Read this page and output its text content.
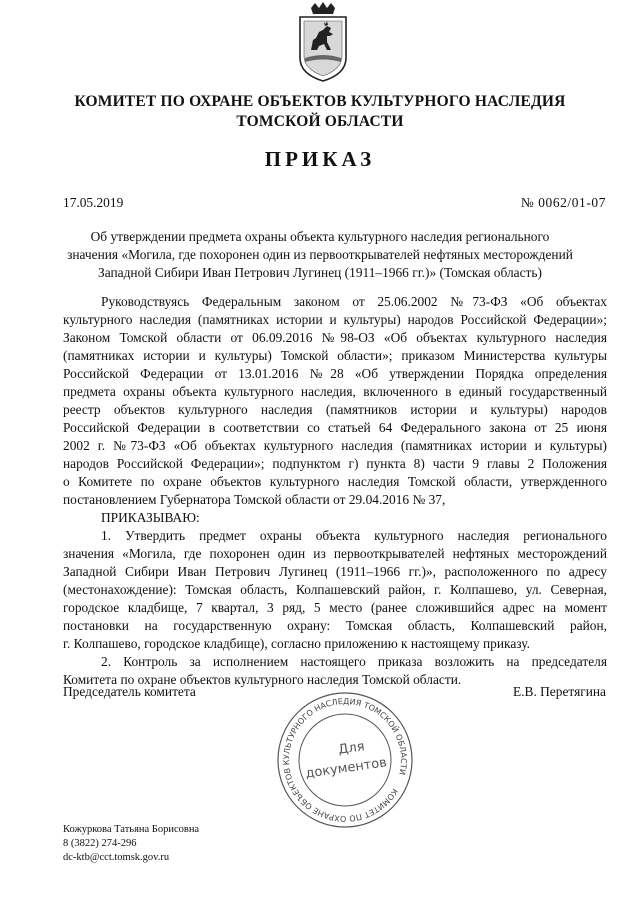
КОМИТЕТ ПО ОХРАНЕ ОБЪЕКТОВ КУЛЬТУРНОГО НАСЛЕДИЯ
ТОМСКОЙ ОБЛАСТИ
ПРИКАЗ
17.05.2019	№ 0062/01-07
Об утверждении предмета охраны объекта культурного наследия регионального
значения «Могила, где похоронен один из первооткрывателей нефтяных месторождений
Западной Сибири Иван Петрович Лугинец (1911–1966 гг.)» (Томская область)
Руководствуясь Федеральным законом от 25.06.2002 №73-ФЗ «Об объектах
культурного наследия (памятниках истории и культуры) народов Российской Федерации»;
Законом Томской области от 06.09.2016 №98-ОЗ «Об объектах культурного наследия
(памятниках истории и культуры) Томской области»; приказом Министерства культуры
Российской Федерации от 13.01.2016 №28 «Об утверждении Порядка определения
предмета охраны объекта культурного наследия, включенного в единый государственный
реестр объектов культурного наследия (памятников истории и культуры) народов
Российской Федерации в соответствии со статьей 64 Федерального закона от 25 июня
2002 г. №73-ФЗ «Об объектах культурного наследия (памятниках истории и культуры)
народов Российской Федерации»; подпунктом г) пункта 8) части 9 главы 2 Положения
о Комитете по охране объектов культурного наследия Томской области, утвержденного
постановлением Губернатора Томской области от 29.04.2016 № 37,
ПРИКАЗЫВАЮ:
1. Утвердить предмет охраны объекта культурного наследия регионального
значения «Могила, где похоронен один из первооткрывателей нефтяных месторождений
Западной Сибири Иван Петрович Лугинец (1911–1966 гг.)», расположенного по адресу
(местонахождение): Томская область, Колпашевский район, г. Колпашево, ул. Северная,
городское кладбище, 7 квартал, 3 ряд, 5 место (ранее сложившийся адрес на момент
постановки на государственную охрану: Томская область, Колпашевский район,
г. Колпашево, городское кладбище), согласно приложению к настоящему приказу.
2. Контроль за исполнением настоящего приказа возложить на председателя
Комитета по охране объектов культурного наследия Томской области.
Председатель комитета	Е.В. Перетягина
КОМИТЕТ ПО ОХРАНЕ ОБЪЕКТОВ КУЛЬТУРНОГО НАСЛЕДИЯ ТОМСКОЙ ОБЛАСТИ
Для
документов
Кожуркова Татьяна Борисовна
8 (3822) 274-296
dc-ktb@cct.tomsk.gov.ru
